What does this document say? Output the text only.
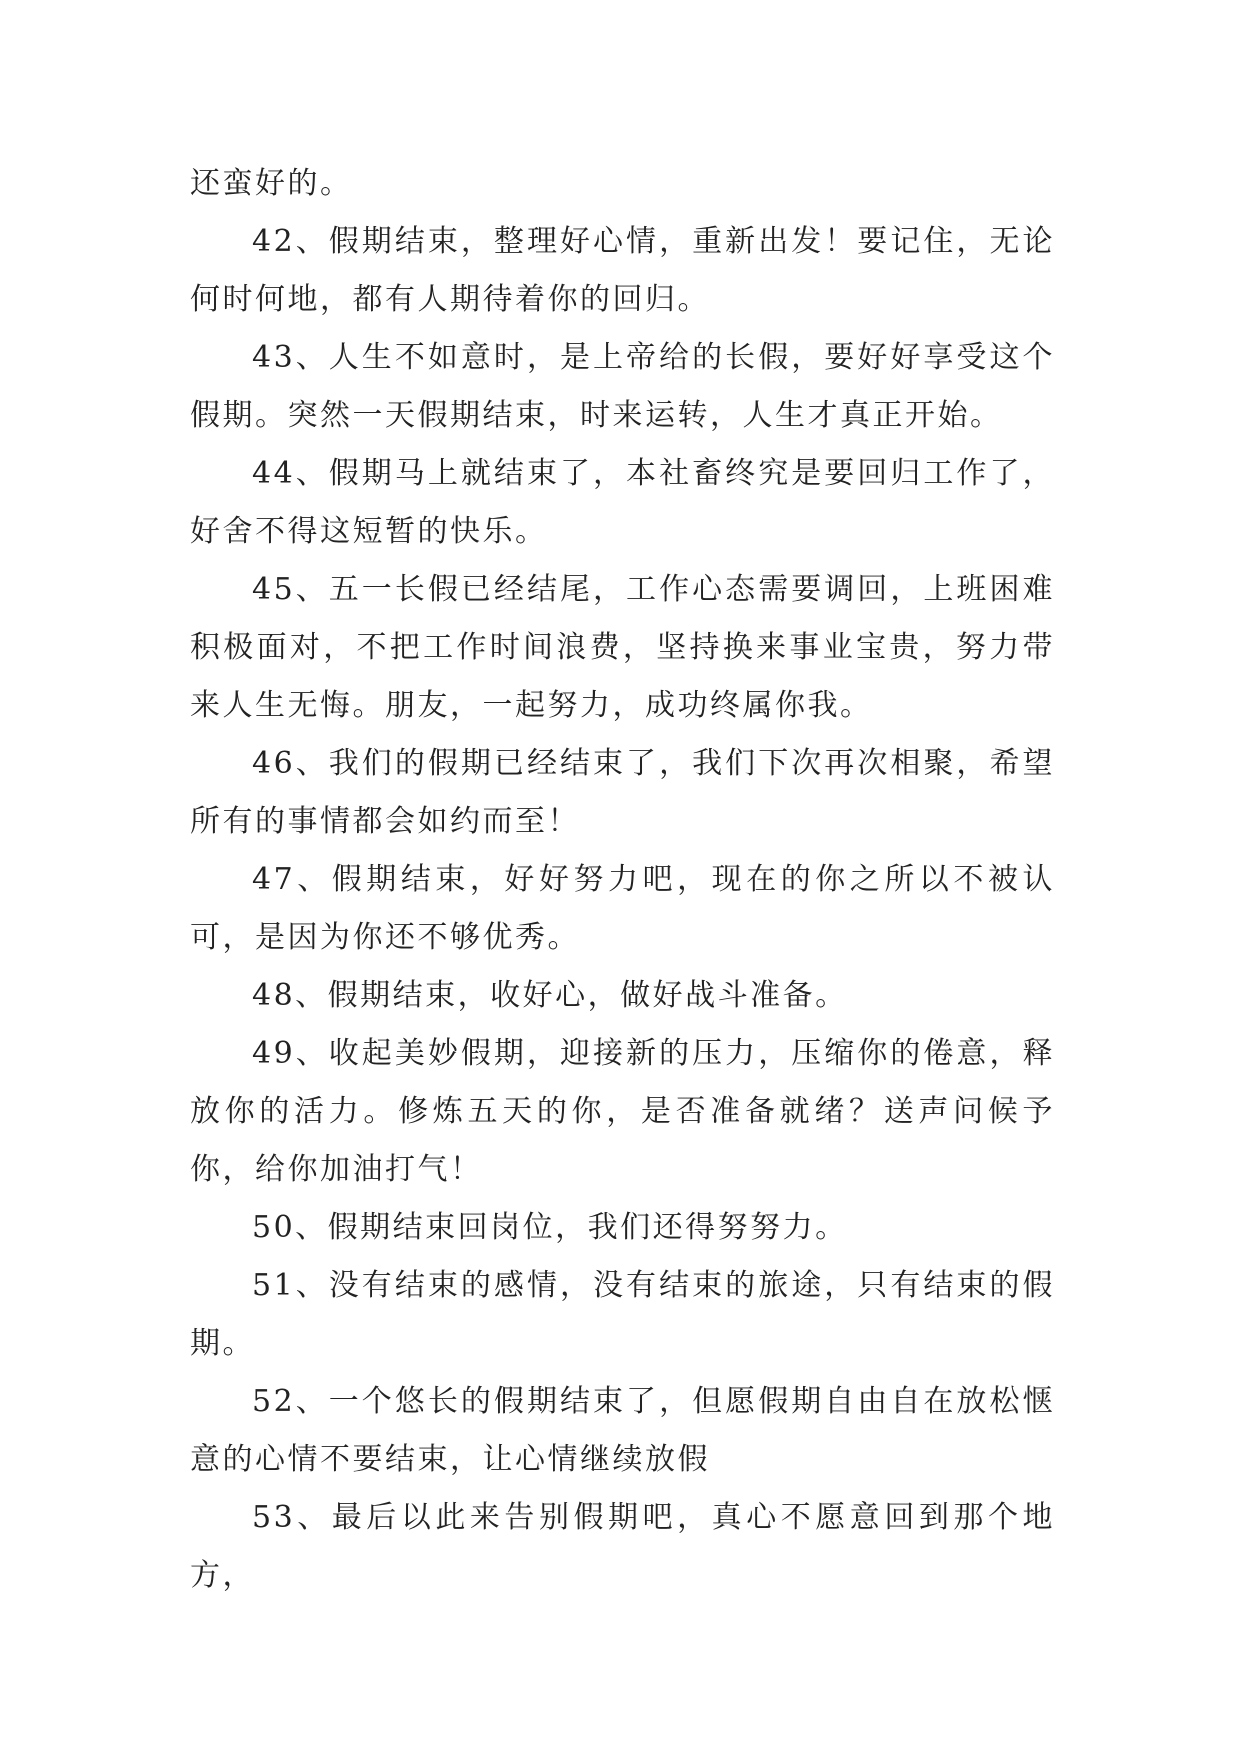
还蛮好的。

42、假期结束，整理好心情，重新出发！要记住，无论何时何地，都有人期待着你的回归。

43、人生不如意时，是上帝给的长假，要好好享受这个假期。突然一天假期结束，时来运转，人生才真正开始。

44、假期马上就结束了，本社畜终究是要回归工作了，好舍不得这短暂的快乐。

45、五一长假已经结尾，工作心态需要调回，上班困难积极面对，不把工作时间浪费，坚持换来事业宝贵，努力带来人生无悔。朋友，一起努力，成功终属你我。

46、我们的假期已经结束了，我们下次再次相聚，希望所有的事情都会如约而至！

47、假期结束，好好努力吧，现在的你之所以不被认可，是因为你还不够优秀。

48、假期结束，收好心，做好战斗准备。

49、收起美妙假期，迎接新的压力，压缩你的倦意，释放你的活力。修炼五天的你，是否准备就绪？送声问候予你，给你加油打气！

50、假期结束回岗位，我们还得努努力。

51、没有结束的感情，没有结束的旅途，只有结束的假期。

52、一个悠长的假期结束了，但愿假期自由自在放松惬意的心情不要结束，让心情继续放假

53、最后以此来告别假期吧，真心不愿意回到那个地方，
